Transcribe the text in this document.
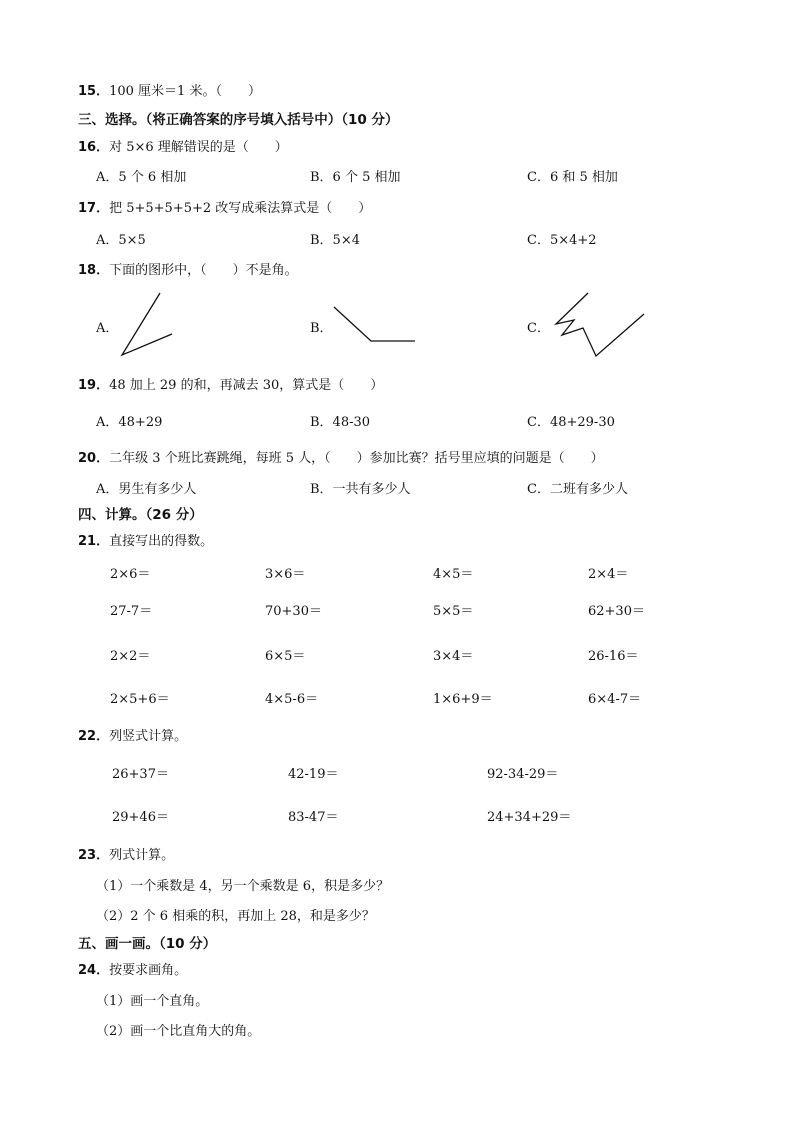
15．100 厘米＝1 米。（　　）
三、选择。（将正确答案的序号填入括号中）（10 分）
16．对 5×6 理解错误的是（　　）
A．5 个 6 相加	B．6 个 5 相加	C．6 和 5 相加
17．把 5+5+5+5+2 改写成乘法算式是（　　）
A．5×5	B．5×4	C．5×4+2
18．下面的图形中，（　　）不是角。
A．	B．	C．
19．48 加上 29 的和，再减去 30，算式是（　　）
A．48+29	B．48-30	C．48+29-30
20．二年级 3 个班比赛跳绳，每班 5 人，（　　）参加比赛？括号里应填的问题是（　　）
A．男生有多少人	B．一共有多少人	C．二班有多少人
四、计算。（26 分）
21．直接写出的得数。
2×6＝	3×6＝	4×5＝	2×4＝
27-7＝	70+30＝	5×5＝	62+30＝
2×2＝	6×5＝	3×4＝	26-16＝
2×5+6＝	4×5-6＝	1×6+9＝	6×4-7＝
22．列竖式计算。
26+37＝	42-19＝	92-34-29＝
29+46＝	83-47＝	24+34+29＝
23．列式计算。
（1）一个乘数是 4，另一个乘数是 6，积是多少？
（2）2 个 6 相乘的积，再加上 28，和是多少？
五、画一画。（10 分）
24．按要求画角。
（1）画一个直角。
（2）画一个比直角大的角。
